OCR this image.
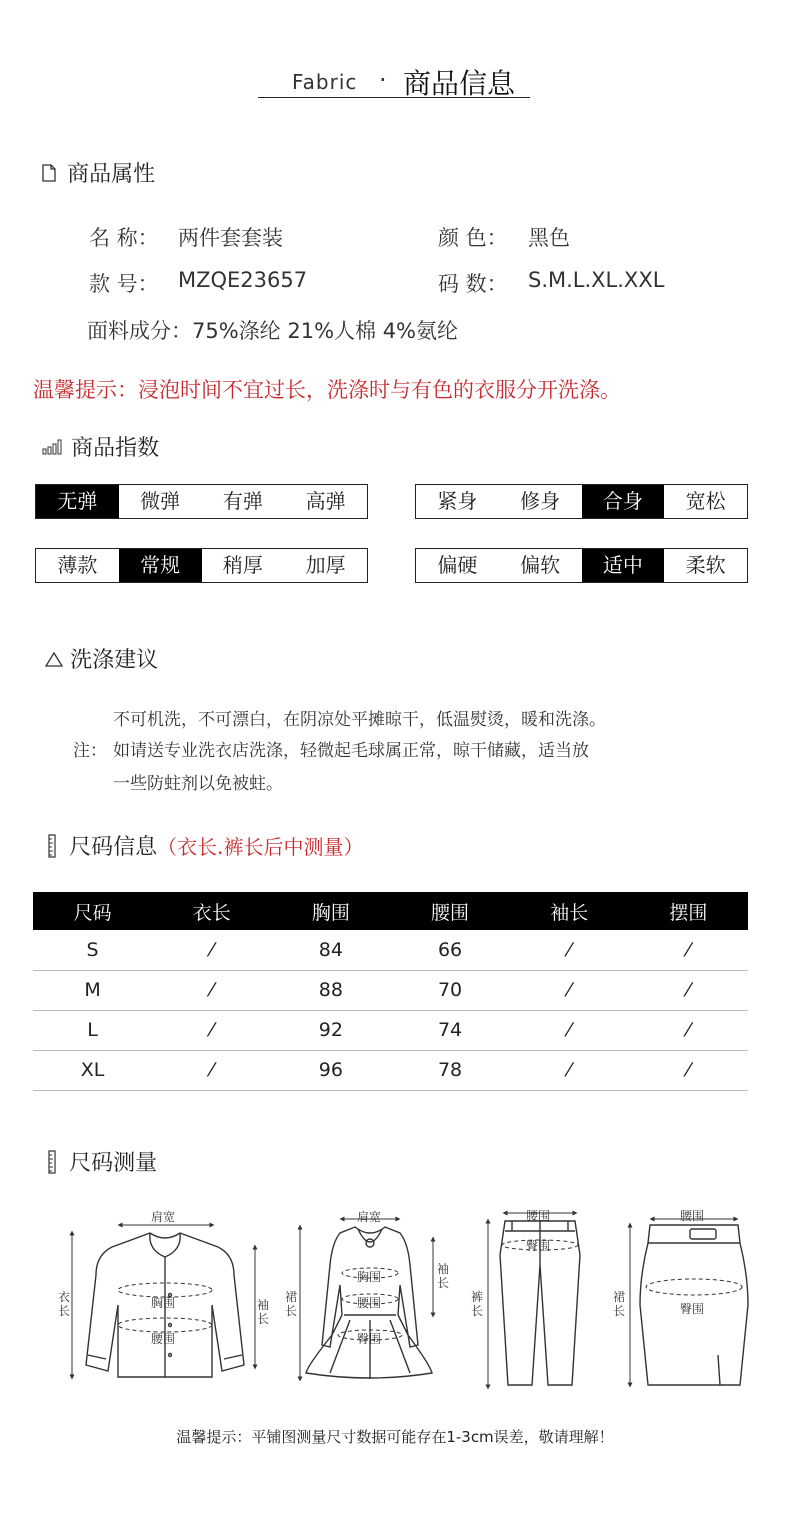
Fabric · 商品信息
商品属性
名 称： 两件套套装	颜 色： 黑色
款 号： MZQE23657	码 数： S.M.L.XL.XXL
面料成分：75%涤纶 21%人棉 4%氨纶
温馨提示：浸泡时间不宜过长，洗涤时与有色的衣服分开洗涤。
商品指数
无弹	微弹	有弹	高弹	紧身	修身	合身	宽松
薄款	常规	稍厚	加厚	偏硬	偏软	适中	柔软
洗涤建议
不可机洗，不可漂白，在阴凉处平摊晾干，低温熨烫，暖和洗涤。
注： 如请送专业洗衣店洗涤，轻微起毛球属正常，晾干储藏，适当放
一些防蛀剂以免被蛀。
尺码信息（衣长.裤长后中测量）
尺码	衣长	胸围	腰围	袖长	摆围
S	⁄	84	66	⁄	⁄
M	⁄	88	70	⁄	⁄
L	⁄	92	74	⁄	⁄
XL	⁄	96	78	⁄	⁄
尺码测量
肩宽
胸围
腰围
衣长	袖长
肩宽
胸围
腰围
臀围
裙长
袖长
腰围
臀围
裤长
腰围
臀围
裙长
温馨提示：平铺图测量尺寸数据可能存在1-3cm误差，敬请理解！
